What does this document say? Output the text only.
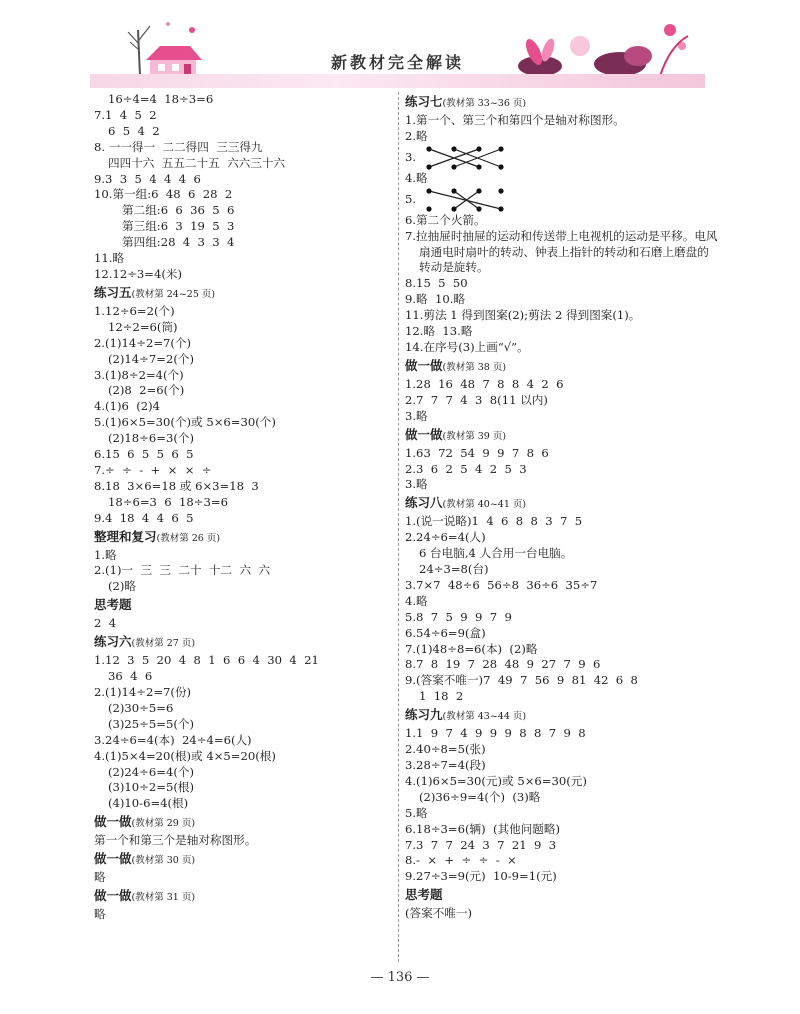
新教材完全解读
16÷4=4  18÷3=6
7.1  4  5  2
6  5  4  2
8. 一一得一  二二得四  三三得九
四四十六  五五二十五  六六三十六
9.3  3  5  4  4  4  6
10.第一组:6  48  6  28  2
第二组:6  6  36  5  6
第三组:6  3  19  5  3
第四组:28  4  3  3  4
11.略
12.12÷3=4(米)
练习五(教材第 24~25 页)
1.12÷6=2(个)
12÷2=6(筒)
2.(1)14÷2=7(个)
(2)14÷7=2(个)
3.(1)8÷2=4(个)
(2)8  2=6(个)
4.(1)6  (2)4
5.(1)6×5=30(个)或 5×6=30(个)
(2)18÷6=3(个)
6.15  6  5  5  6  5
7.÷  ÷  -  +  ×  ×  ÷
8.18  3×6=18 或 6×3=18  3
18÷6=3  6  18÷3=6
9.4  18  4  4  6  5
整理和复习(教材第 26 页)
1.略
2.(1)一  三  三  二十  十二  六  六
(2)略
思考题
2  4
练习六(教材第 27 页)
1.12  3  5  20  4  8  1  6  6  4  30  4  21
36  4  6
2.(1)14÷2=7(份)
(2)30÷5=6
(3)25÷5=5(个)
3.24÷6=4(本)  24÷4=6(人)
4.(1)5×4=20(根)或 4×5=20(根)
(2)24÷6=4(个)
(3)10÷2=5(根)
(4)10-6=4(根)
做一做(教材第 29 页)
第一个和第三个是轴对称图形。
做一做(教材第 30 页)
略
做一做(教材第 31 页)
略
练习七(教材第 33~36 页)
1.第一个、第三个和第四个是轴对称图形。
2.略
3.
4.略
5.
6.第二个火箭。
7.拉抽屉时抽屉的运动和传送带上电视机的运动是平移。电风扇通电时扇叶的转动、钟表上指针的转动和石磨上磨盘的转动是旋转。
8.15  5  50
9.略  10.略
11.剪法 1 得到图案(2);剪法 2 得到图案(1)。
12.略  13.略
14.在序号(3)上画“√”。
做一做(教材第 38 页)
1.28  16  48  7  8  8  4  2  6
2.7  7  7  4  3  8(11 以内)
3.略
做一做(教材第 39 页)
1.63  72  54  9  9  7  8  6
2.3  6  2  5  4  2  5  3
3.略
练习八(教材第 40~41 页)
1.(说一说略)1  4  6  8  8  3  7  5
2.24÷6=4(人)
6 台电脑,4 人合用一台电脑。
24÷3=8(台)
3.7×7  48÷6  56÷8  36÷6  35÷7
4.略
5.8  7  5  9  9  7  9
6.54÷6=9(盒)
7.(1)48÷8=6(本)  (2)略
8.7  8  19  7  28  48  9  27  7  9  6
9.(答案不唯一)7  49  7  56  9  81  42  6  8
1  18  2
练习九(教材第 43~44 页)
1.1  9  7  4  9  9  9  8  8  7  9  8
2.40÷8=5(张)
3.28÷7=4(段)
4.(1)6×5=30(元)或 5×6=30(元)
(2)36÷9=4(个)  (3)略
5.略
6.18÷3=6(辆)  (其他问题略)
7.3  7  7  24  3  7  21  9  3
8.-  ×  +  ÷  ÷  -  ×
9.27÷3=9(元)  10-9=1(元)
思考题
(答案不唯一)
— 136 —
